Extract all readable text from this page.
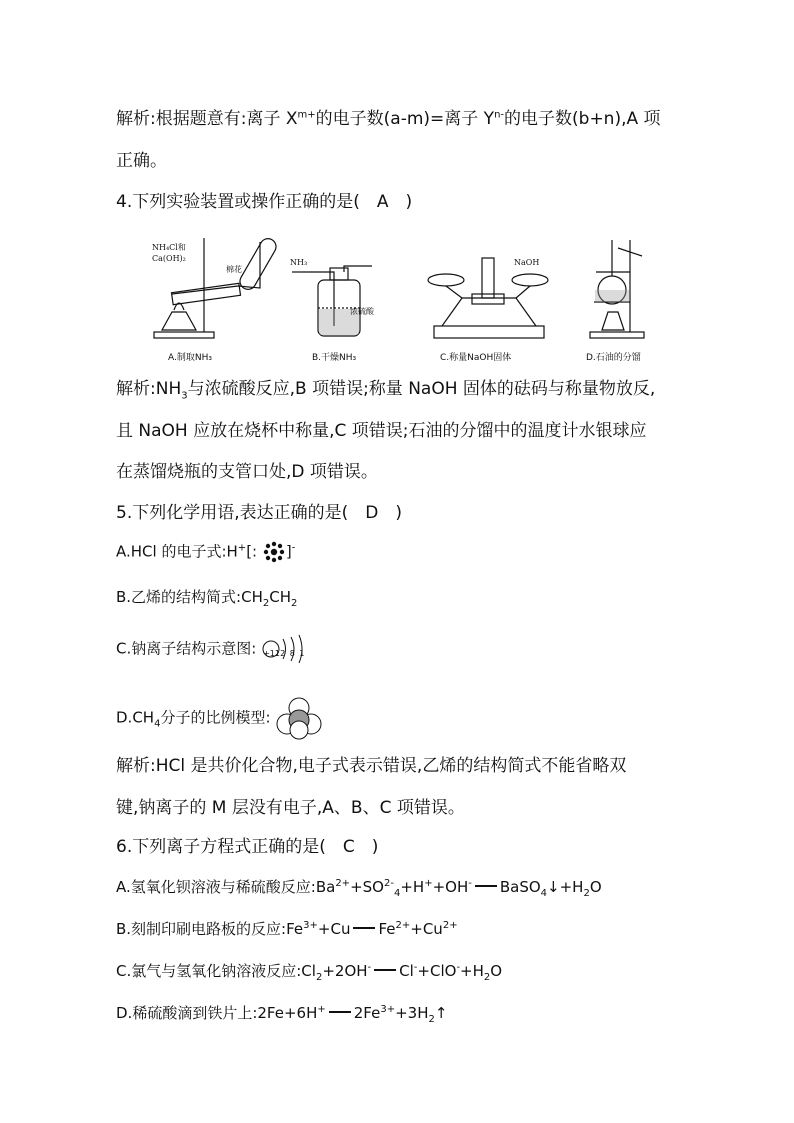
解析:根据题意有:离子 $X^{m+}$的电子数(a-m)=离子 $Y^{n-}$的电子数(b+n),A 项
正确。
4.下列实验装置或操作正确的是(　A　)
NH₄Cl和
Ca(OH)₂
棉花
A.制取NH₃
NH₃
浓硫酸
B.干燥NH₃
NaOH
C.称量NaOH固体	D.石油的分馏
解析$:NH_3$与浓硫酸反应,B 项错误;称量 NaOH 固体的砝码与称量物放反,
且 NaOH 应放在烧杯中称量,C 项错误;石油的分馏中的温度计水银球应
在蒸馏烧瓶的支管口处,D 项错误。
5.下列化学用语,表达正确的是(　D　)
A.HCl 的电子式:H+[: ]-
B.乙烯的结构简式$:CH_2CH_2$
C.钠离子结构示意图: +11 2 8 1
$D.CH_4$分子的比例模型:
解析:HCl 是共价化合物,电子式表示错误,乙烯的结构简式不能省略双
键,钠离子的 M 层没有电子,A、B、C 项错误。
6.下列离子方程式正确的是(　C　)
A.氢氧化钡溶液与稀硫酸反应$:Ba^{2+}+SO^{2-}_4+H^++OH^-$ $BaSO_4↓+H_2O$
B.刻制印刷电路板的反应$:Fe^{3+}+Cu$ $Fe^{2+}+Cu^{2+}$
C.氯气与氢氧化钠溶液反应$:Cl_2+2OH^-$ $Cl^-+ClO^-+H_2O$
D.稀硫酸滴到铁片上:2Fe+6H+ $2Fe^{3+}+3H_2↑$
